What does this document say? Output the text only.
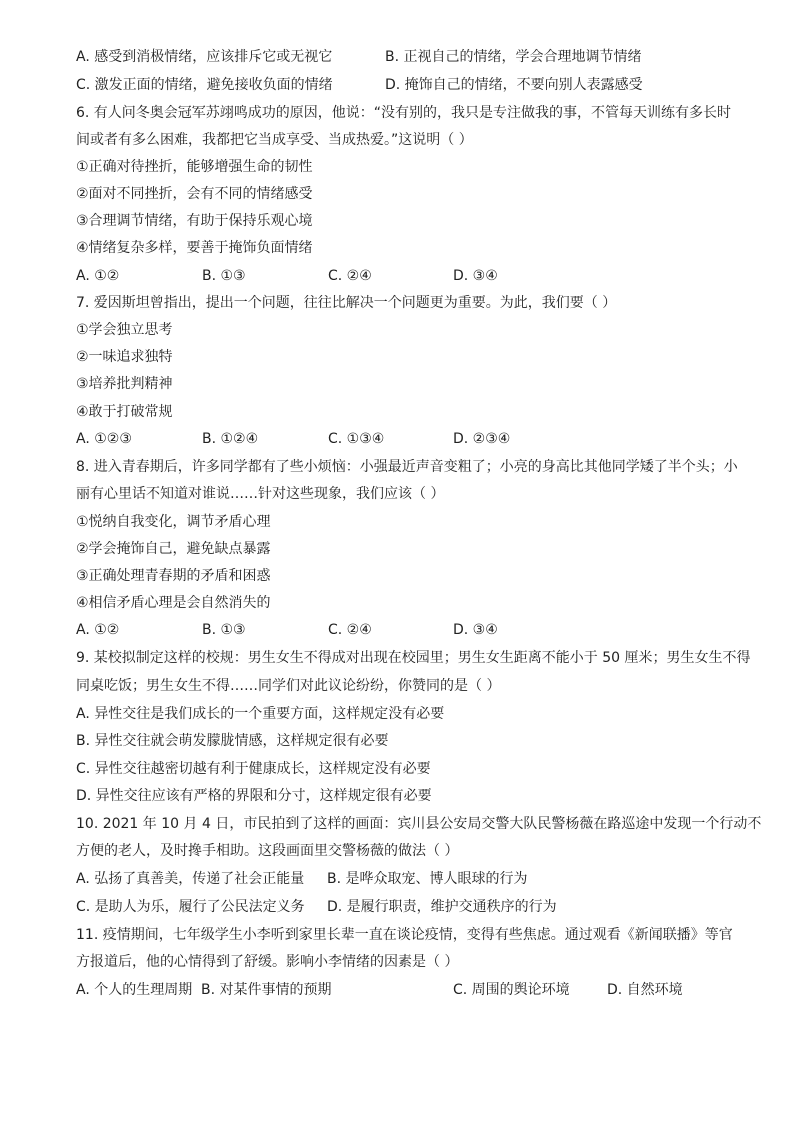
A. 感受到消极情绪，应该排斥它或无视它	B. 正视自己的情绪，学会合理地调节情绪
C. 激发正面的情绪，避免接收负面的情绪	D. 掩饰自己的情绪，不要向别人表露感受
6. 有人问冬奥会冠军苏翊鸣成功的原因，他说：“没有别的，我只是专注做我的事，不管每天训练有多长时
间或者有多么困难，我都把它当成享受、当成热爱。”这说明（ ）
①正确对待挫折，能够增强生命的韧性
②面对不同挫折，会有不同的情绪感受
③合理调节情绪，有助于保持乐观心境
④情绪复杂多样，要善于掩饰负面情绪
A. ①②	B. ①③	C. ②④	D. ③④
7. 爱因斯坦曾指出，提出一个问题，往往比解决一个问题更为重要。为此，我们要（ ）
①学会独立思考
②一味追求独特
③培养批判精神
④敢于打破常规
A. ①②③	B. ①②④	C. ①③④	D. ②③④
8. 进入青春期后，许多同学都有了些小烦恼：小强最近声音变粗了；小亮的身高比其他同学矮了半个头；小
丽有心里话不知道对谁说……针对这些现象，我们应该（ ）
①悦纳自我变化，调节矛盾心理
②学会掩饰自己，避免缺点暴露
③正确处理青春期的矛盾和困惑
④相信矛盾心理是会自然消失的
A. ①②	B. ①③	C. ②④	D. ③④
9. 某校拟制定这样的校规：男生女生不得成对出现在校园里；男生女生距离不能小于 50 厘米；男生女生不得
同桌吃饭；男生女生不得……同学们对此议论纷纷，你赞同的是（ ）
A. 异性交往是我们成长的一个重要方面，这样规定没有必要
B. 异性交往就会萌发朦胧情感，这样规定很有必要
C. 异性交往越密切越有利于健康成长，这样规定没有必要
D. 异性交往应该有严格的界限和分寸，这样规定很有必要
10. 2021 年 10 月 4 日，市民拍到了这样的画面：宾川县公安局交警大队民警杨薇在路巡途中发现一个行动不
方便的老人，及时搀手相助。这段画面里交警杨薇的做法（ ）
A. 弘扬了真善美，传递了社会正能量 B. 是哗众取宠、博人眼球的行为
C. 是助人为乐，履行了公民法定义务 D. 是履行职责，维护交通秩序的行为
11. 疫情期间，七年级学生小李听到家里长辈一直在谈论疫情，变得有些焦虑。通过观看《新闻联播》等官
方报道后，他的心情得到了舒缓。影响小李情绪的因素是（ ）
A. 个人的生理周期 B. 对某件事情的预期	C. 周围的舆论环境	D. 自然环境
